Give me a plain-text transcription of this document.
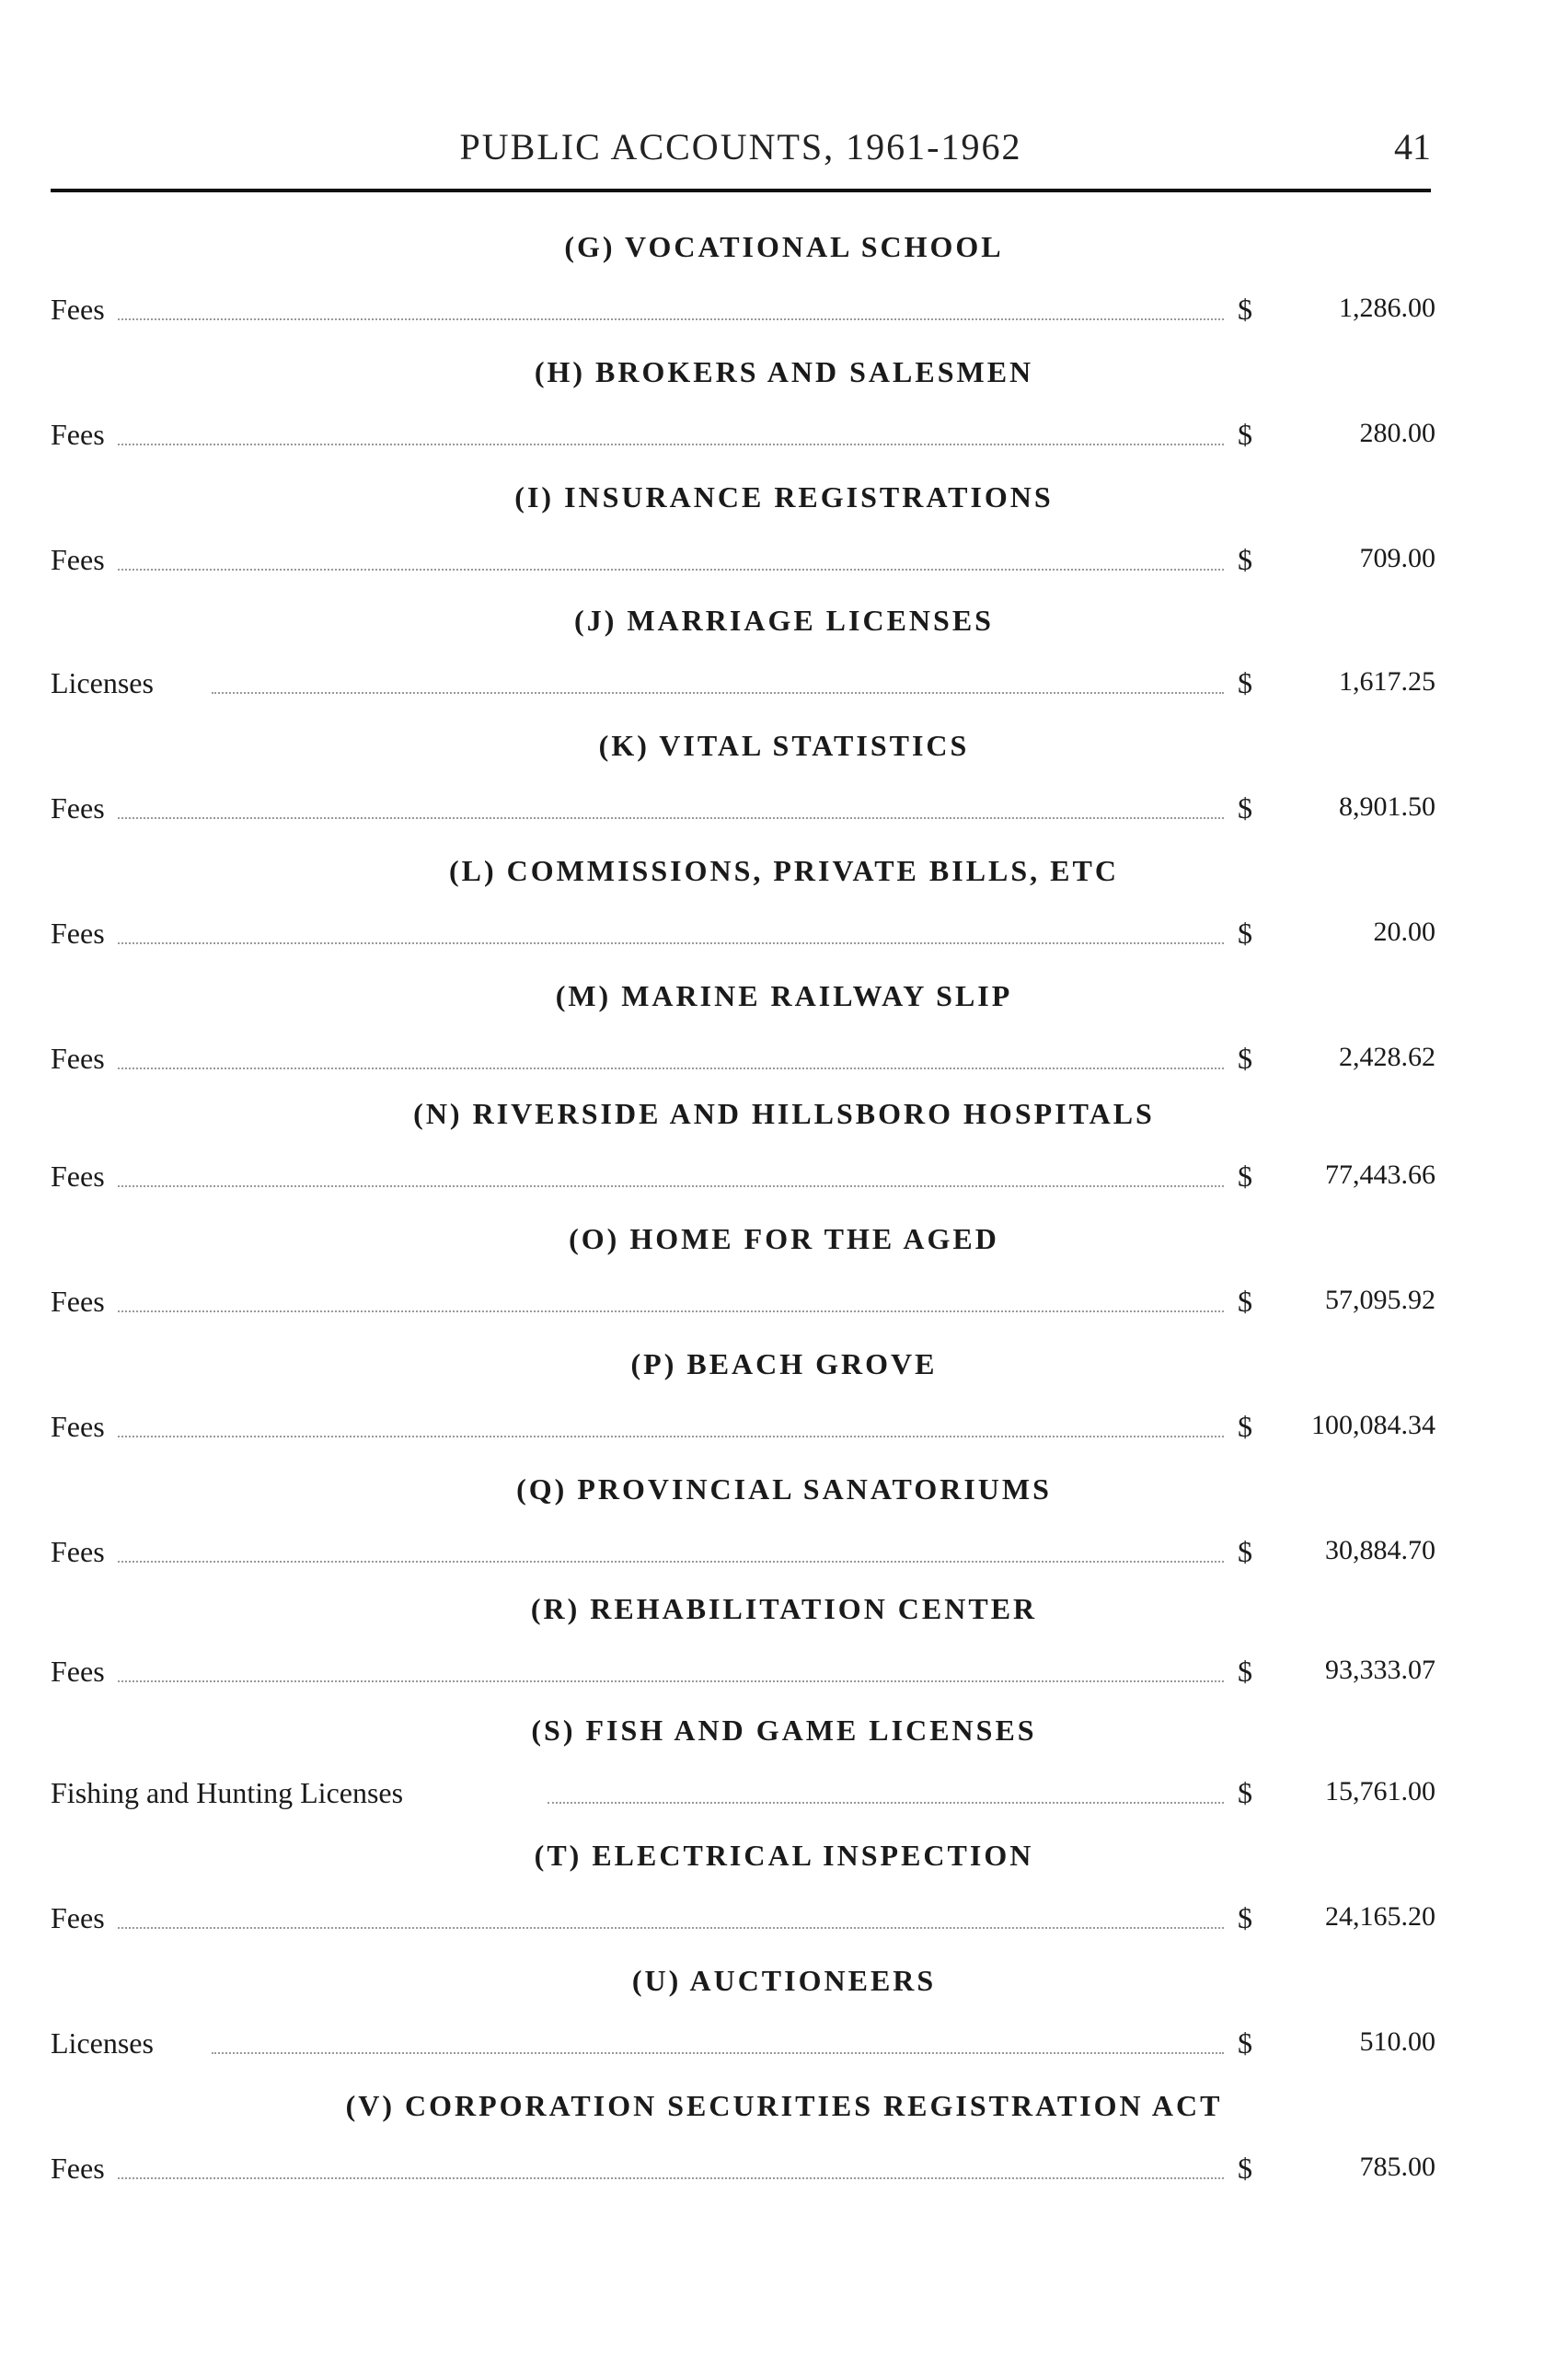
PUBLIC ACCOUNTS, 1961-1962	41
(G) VOCATIONAL SCHOOL
Fees	$	1,286.00
(H) BROKERS AND SALESMEN
Fees	$	280.00
(I) INSURANCE REGISTRATIONS
Fees	$	709.00
(J) MARRIAGE LICENSES
Licenses	$	1,617.25
(K) VITAL STATISTICS
Fees	$	8,901.50
(L) COMMISSIONS, PRIVATE BILLS, ETC
Fees	$	20.00
(M) MARINE RAILWAY SLIP
Fees	$	2,428.62
(N) RIVERSIDE AND HILLSBORO HOSPITALS
Fees	$	77,443.66
(O) HOME FOR THE AGED
Fees	$	57,095.92
(P) BEACH GROVE
Fees	$ 100,084.34
(Q) PROVINCIAL SANATORIUMS
Fees	$	30,884.70
(R) REHABILITATION CENTER
Fees	$	93,333.07
(S) FISH AND GAME LICENSES
Fishing and Hunting Licenses	$	15,761.00
(T) ELECTRICAL INSPECTION
Fees	$	24,165.20
(U) AUCTIONEERS
Licenses	$	510.00
(V) CORPORATION SECURITIES REGISTRATION ACT
Fees	$	785.00
